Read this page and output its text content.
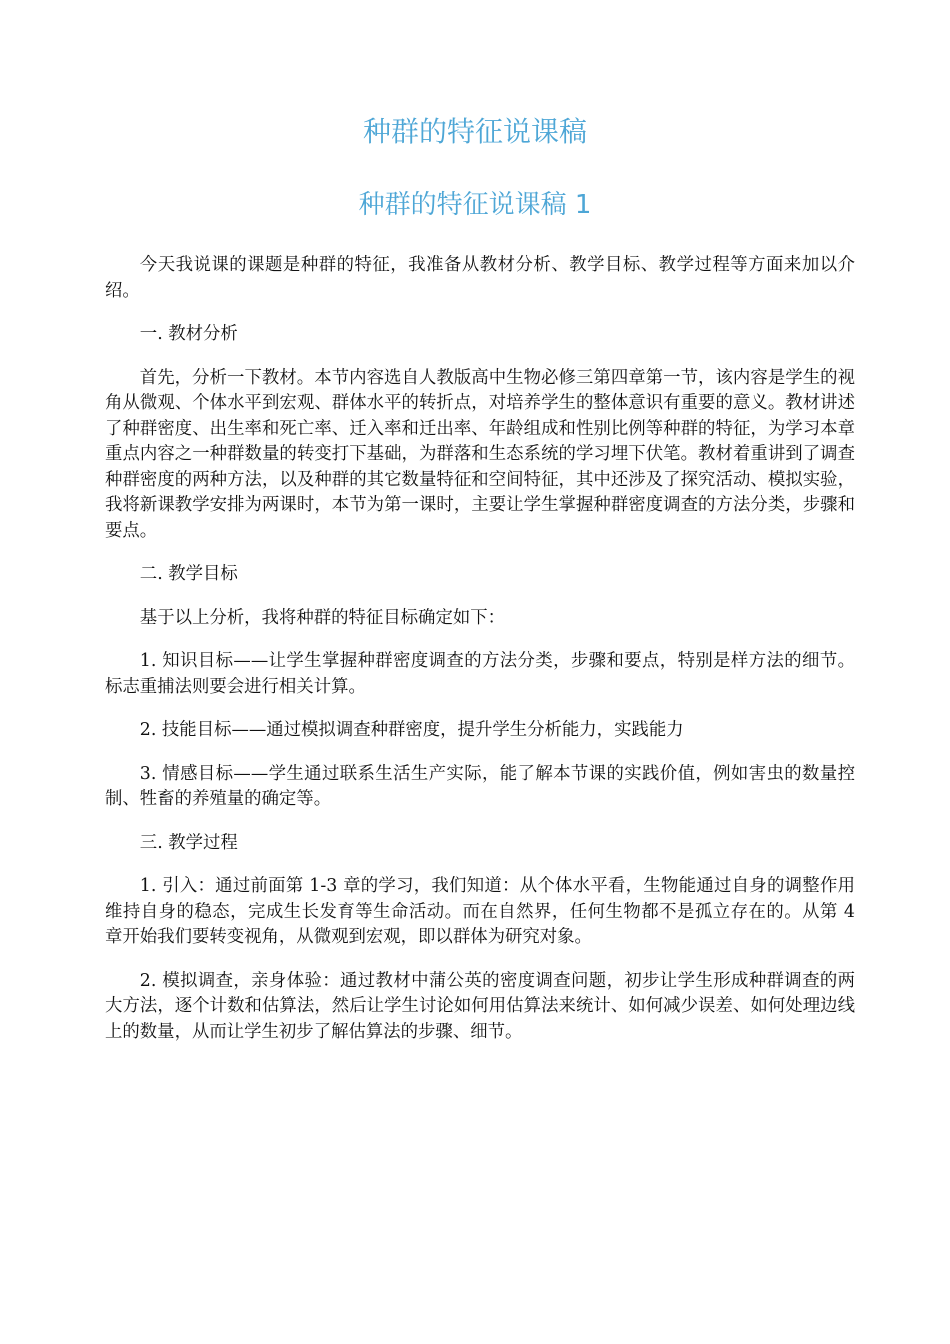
种群的特征说课稿
种群的特征说课稿 1

今天我说课的课题是种群的特征，我准备从教材分析、教学目标、教学过程等方面来加以介绍。

一. 教材分析

首先，分析一下教材。本节内容选自人教版高中生物必修三第四章第一节，该内容是学生的视角从微观、个体水平到宏观、群体水平的转折点，对培养学生的整体意识有重要的意义。教材讲述了种群密度、出生率和死亡率、迁入率和迁出率、年龄组成和性别比例等种群的特征，为学习本章重点内容之一种群数量的转变打下基础，为群落和生态系统的学习埋下伏笔。教材着重讲到了调查种群密度的两种方法，以及种群的其它数量特征和空间特征，其中还涉及了探究活动、模拟实验，我将新课教学安排为两课时，本节为第一课时，主要让学生掌握种群密度调查的方法分类，步骤和要点。

二. 教学目标

基于以上分析，我将种群的特征目标确定如下：

1. 知识目标——让学生掌握种群密度调查的方法分类，步骤和要点，特别是样方法的细节。标志重捕法则要会进行相关计算。

2. 技能目标——通过模拟调查种群密度，提升学生分析能力，实践能力

3. 情感目标——学生通过联系生活生产实际，能了解本节课的实践价值，例如害虫的数量控制、牲畜的养殖量的确定等。

三. 教学过程

1. 引入：通过前面第 1-3 章的学习，我们知道：从个体水平看，生物能通过自身的调整作用维持自身的稳态，完成生长发育等生命活动。而在自然界，任何生物都不是孤立存在的。从第 4 章开始我们要转变视角，从微观到宏观，即以群体为研究对象。

2. 模拟调查，亲身体验：通过教材中蒲公英的密度调查问题，初步让学生形成种群调查的两大方法，逐个计数和估算法，然后让学生讨论如何用估算法来统计、如何减少误差、如何处理边线上的数量，从而让学生初步了解估算法的步骤、细节。
